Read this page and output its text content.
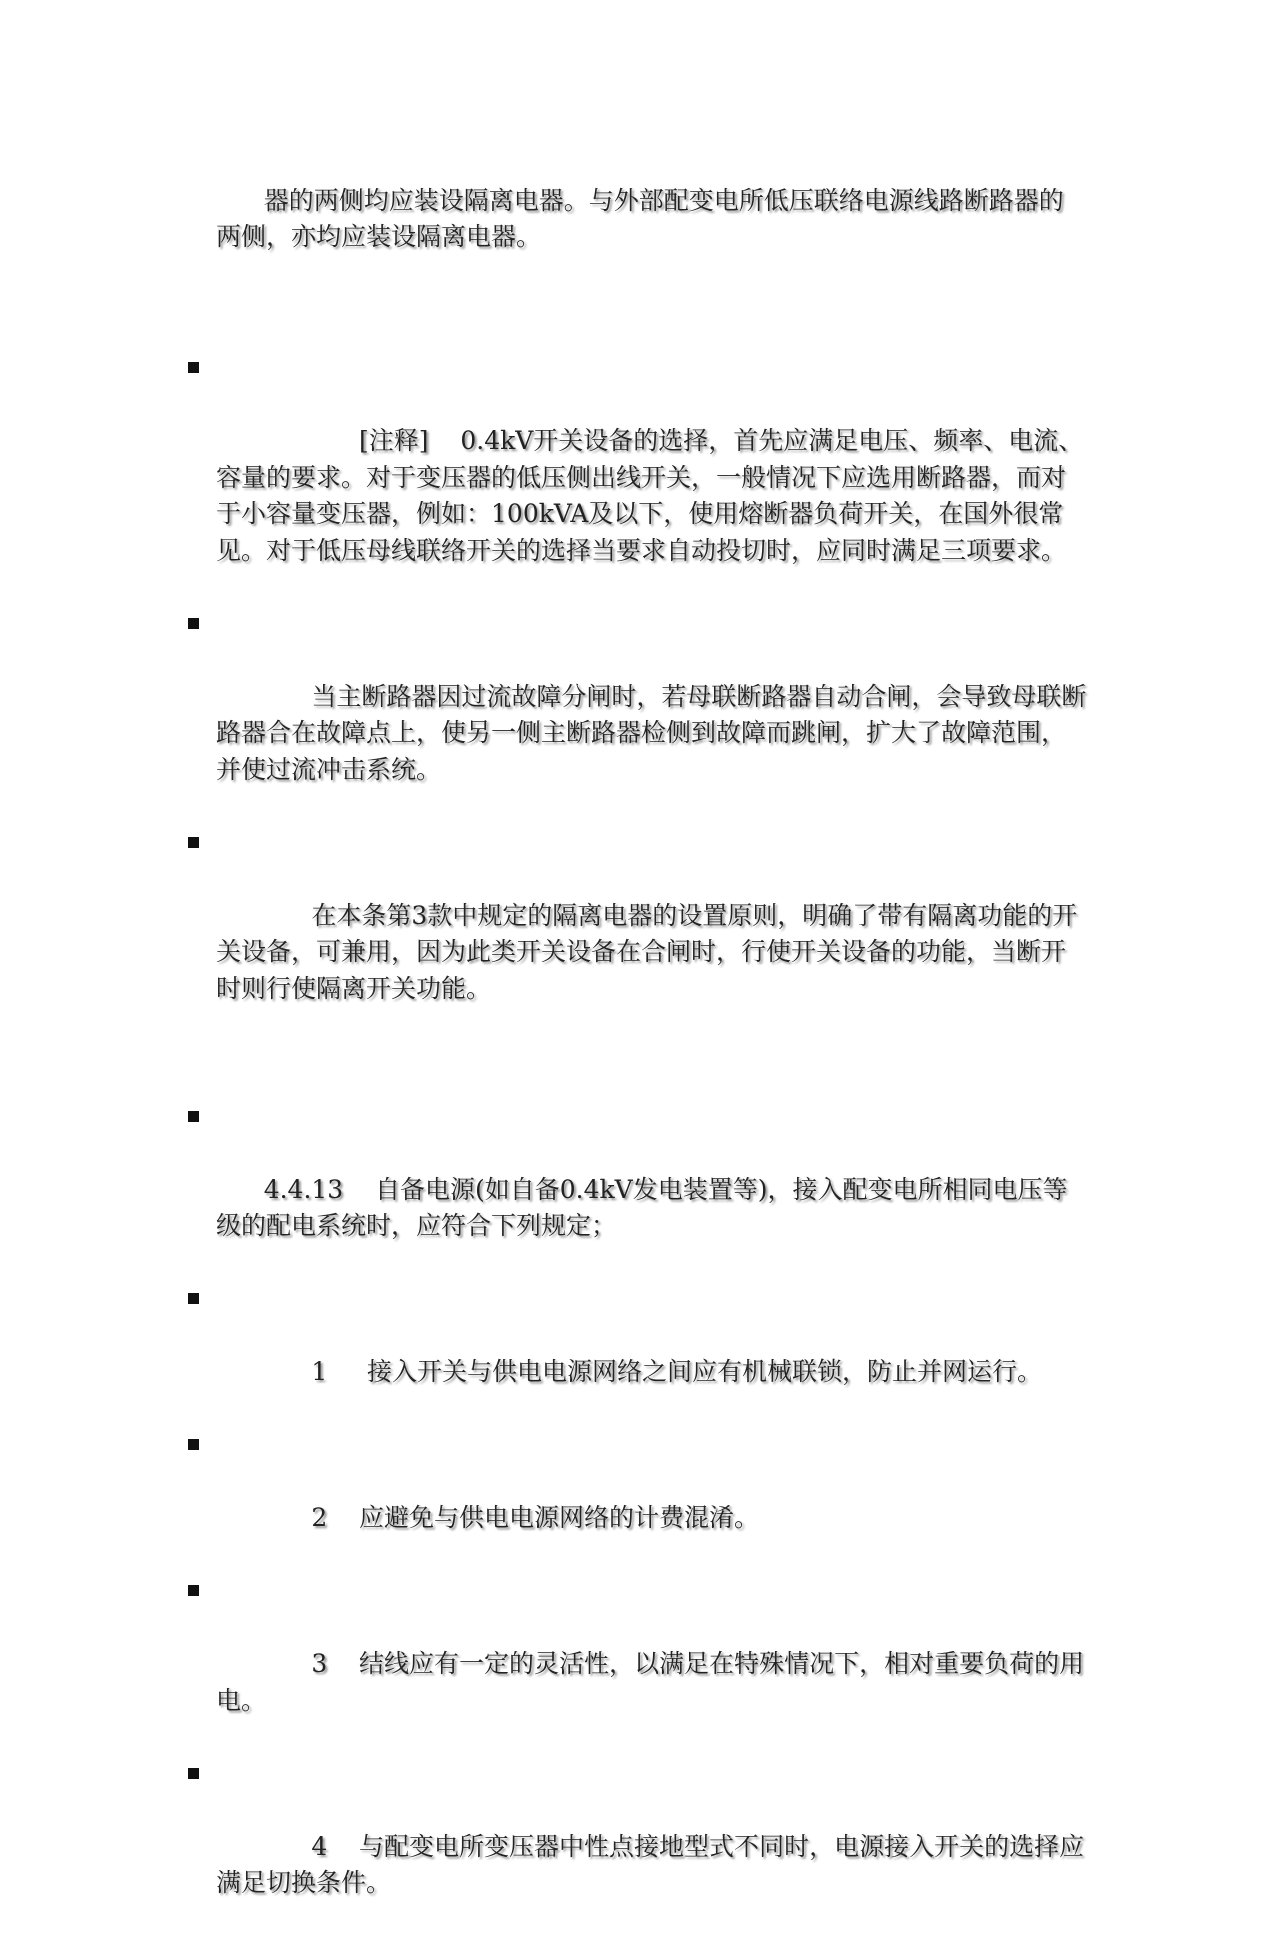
器的两侧均应装设隔离电器。与外部配变电所低压联络电源线路断路器的两侧，亦均应装设隔离电器。

[注释]    0.4kV开关设备的选择，首先应满足电压、频率、电流、容量的要求。对于变压器的低压侧出线开关，一般情况下应选用断路器，而对于小容量变压器，例如：100kVA及以下，使用熔断器负荷开关，在国外很常见。对于低压母线联络开关的选择当要求自动投切时，应同时满足三项要求。

当主断路器因过流故障分闸时，若母联断路器自动合闸，会导致母联断路器合在故障点上，使另一侧主断路器检侧到故障而跳闸，扩大了故障范围，并使过流冲击系统。

在本条第3款中规定的隔离电器的设置原则，明确了带有隔离功能的开关设备，可兼用，因为此类开关设备在合闸时，行使开关设备的功能，当断开时则行使隔离开关功能。

4.4.13    自备电源(如自备0.4kV发电装置等)，接入配变电所相同电压等级的配电系统时，应符合下列规定；

1     接入开关与供电电源网络之间应有机械联锁，防止并网运行。

2    应避免与供电电源网络的计费混淆。

3    结线应有一定的灵活性，以满足在特殊情况下，相对重要负荷的用电。

4    与配变电所变压器中性点接地型式不同时，电源接入开关的选择应满足切换条件。
